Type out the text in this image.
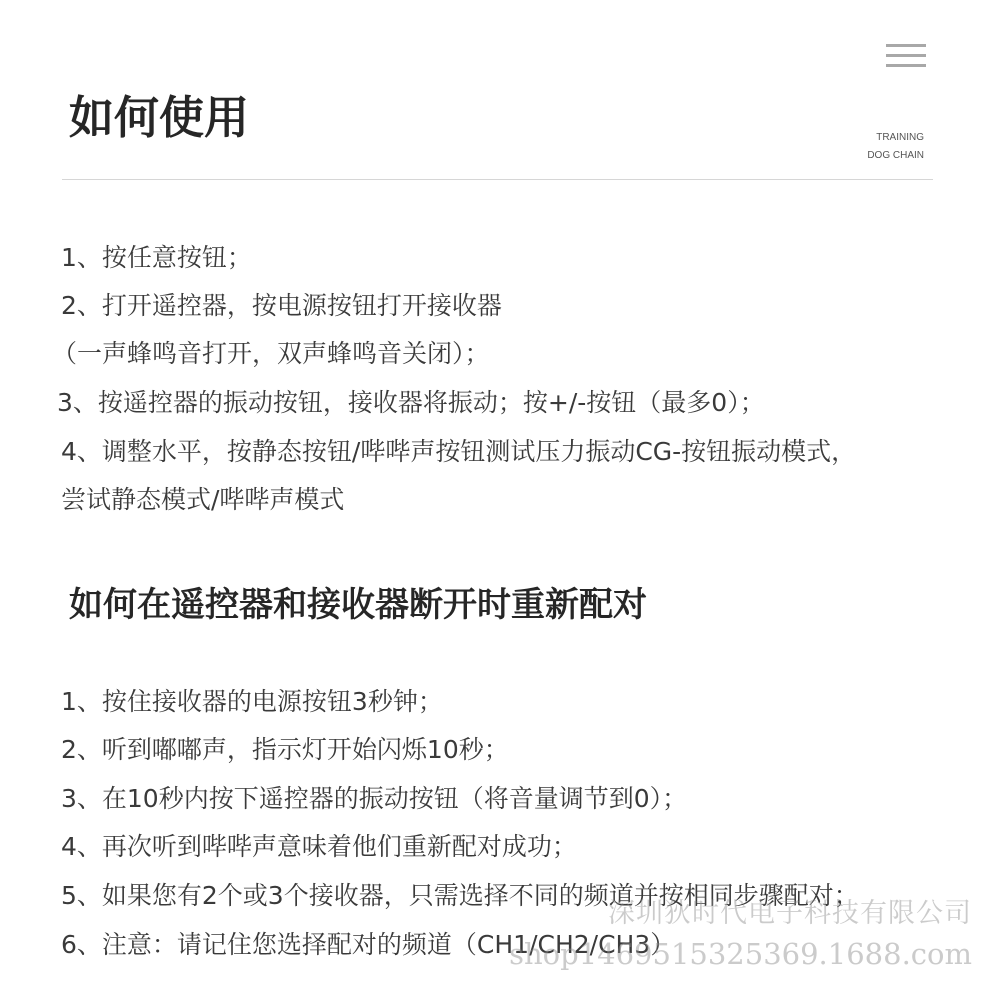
如何使用	TRAINING
DOG CHAIN
1、按任意按钮；
2、打开遥控器，按电源按钮打开接收器
（一声蜂鸣音打开，双声蜂鸣音关闭）；
3、按遥控器的振动按钮，接收器将振动；按+/-按钮（最多0）；
4、调整水平，按静态按钮/哔哔声按钮测试压力振动CG-按钮振动模式，
尝试静态模式/哔哔声模式
如何在遥控器和接收器断开时重新配对
1、按住接收器的电源按钮3秒钟；
2、听到嘟嘟声，指示灯开始闪烁10秒；
3、在10秒内按下遥控器的振动按钮（将音量调节到0）；
4、再次听到哔哔声意味着他们重新配对成功；
5、如果您有2个或3个接收器，只需选择不同的频道并按相同步骤配对；
6、注意：请记住您选择配对的频道（CH1/CH2/CH3）
深圳狄时代电子科技有限公司
shop1469515325369.1688.com
